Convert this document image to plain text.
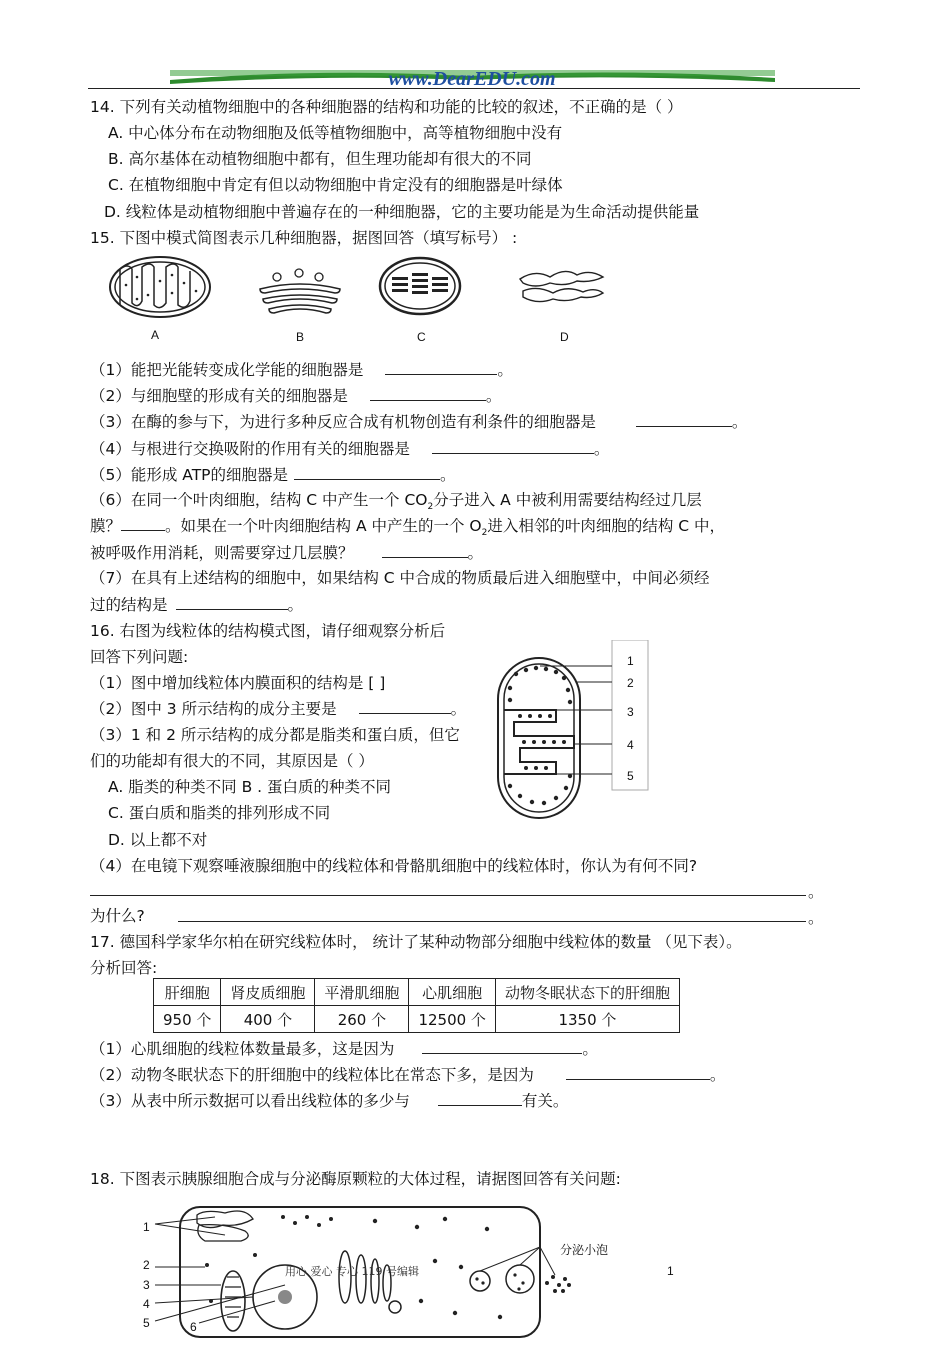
www.DearEDU.com
14. 下列有关动植物细胞中的各种细胞器的结构和功能的比较的叙述，不正确的是（ ）
A. 中心体分布在动物细胞及低等植物细胞中，高等植物细胞中没有
B. 高尔基体在动植物细胞中都有，但生理功能却有很大的不同
C. 在植物细胞中肯定有但以动物细胞中肯定没有的细胞器是叶绿体
D. 线粒体是动植物细胞中普遍存在的一种细胞器，它的主要功能是为生命活动提供能量
15. 下图中模式简图表示几种细胞器，据图回答（填写标号） :
A	B	C	D
（1）能把光能转变成化学能的细胞器是	。
（2）与细胞壁的形成有关的细胞器是	。
（3）在酶的参与下，为进行多种反应合成有机物创造有利条件的细胞器是	。
（4）与根进行交换吸附的作用有关的细胞器是	。
（5）能形成 ATP的细胞器是	。
（6）在同一个叶肉细胞，结构 C 中产生一个 $CO_2$分子进入 A 中被利用需要结构经过几层
膜？	。如果在一个叶肉细胞结构 A 中产生的一个 $O_2$进入相邻的叶肉细胞的结构 C 中，
被呼吸作用消耗，则需要穿过几层膜？	。
（7）在具有上述结构的细胞中，如果结构 C 中合成的物质最后进入细胞壁中，中间必须经
过的结构是	。
16. 右图为线粒体的结构模式图，请仔细观察分析后
回答下列问题:
（1）图中增加线粒体内膜面积的结构是 [ ]
（2）图中 3 所示结构的成分主要是	。
（3）1 和 2 所示结构的成分都是脂类和蛋白质，但它
们的功能却有很大的不同，其原因是（ ）
A. 脂类的种类不同 B . 蛋白质的种类不同
C. 蛋白质和脂类的排列形成不同
D. 以上都不对
1
2
3
4
5
（4）在电镜下观察唾液腺细胞中的线粒体和骨骼肌细胞中的线粒体时，你认为有何不同?
。
为什么?	。
17. 德国科学家华尔柏在研究线粒体时， 统计了某种动物部分细胞中线粒体的数量 （见下表）。
分析回答:
肝细胞	肾皮质细胞	平滑肌细胞	心肌细胞	动物冬眠状态下的肝细胞
950 个	400 个	260 个	12500 个	1350 个
（1）心肌细胞的线粒体数量最多，这是因为	。
（2）动物冬眠状态下的肝细胞中的线粒体比在常态下多，是因为	。
（3）从表中所示数据可以看出线粒体的多少与	有关。
18. 下图表示胰腺细胞合成与分泌酶原颗粒的大体过程，请据图回答有关问题:
1
2
3
4
5	6
分泌小泡
用心 爱心 专心 119 号编辑	1
